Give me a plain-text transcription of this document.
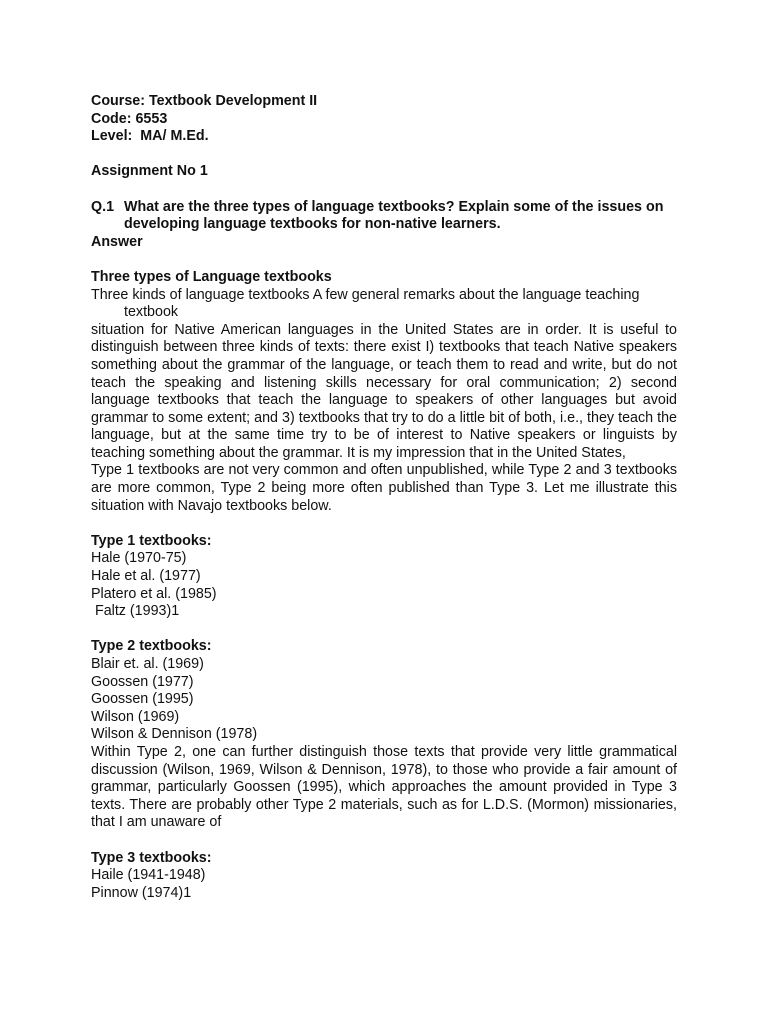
Course: Textbook Development II
Code: 6553
Level:  MA/ M.Ed.
Assignment No 1
Q.1 What are the three types of language textbooks? Explain some of the issues on developing language textbooks for non-native learners.
Answer
Three types of Language textbooks
Three kinds of language textbooks A few general remarks about the language teaching
textbook
situation for Native American languages in the United States are in order. It is useful to distinguish between three kinds of texts: there exist I) textbooks that teach Native speakers something about the grammar of the language, or teach them to read and write, but do not teach the speaking and listening skills necessary for oral communication; 2) second language textbooks that teach the language to speakers of other languages but avoid grammar to some extent; and 3) textbooks that try to do a little bit of both, i.e., they teach the language, but at the same time try to be of interest to Native speakers or linguists by teaching something about the grammar. It is my impression that in the United States,
Type 1 textbooks are not very common and often unpublished, while Type 2 and 3 textbooks are more common, Type 2 being more often published than Type 3. Let me illustrate this situation with Navajo textbooks below.
Type 1 textbooks:
Hale (1970-75)
Hale et al. (1977)
Platero et al. (1985)
Faltz (1993)1
Type 2 textbooks:
Blair et. al. (1969)
Goossen (1977)
Goossen (1995)
Wilson (1969)
Wilson & Dennison (1978)
Within Type 2, one can further distinguish those texts that provide very little grammatical discussion (Wilson, 1969, Wilson & Dennison, 1978), to those who provide a fair amount of grammar, particularly Goossen (1995), which approaches the amount provided in Type 3 texts. There are probably other Type 2 materials, such as for L.D.S. (Mormon) missionaries, that I am unaware of
Type 3 textbooks:
Haile (1941-1948)
Pinnow (1974)1
